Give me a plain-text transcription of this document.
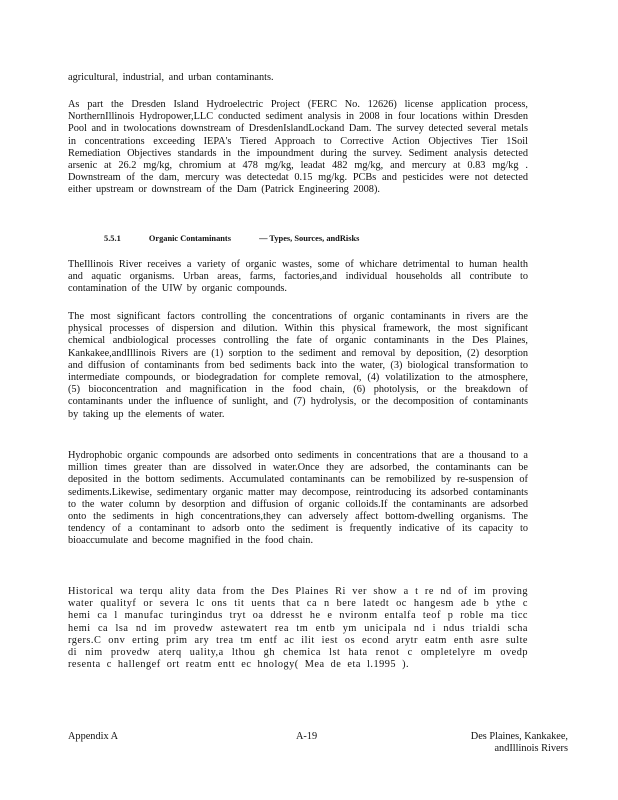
agricultural, industrial, and urban contaminants.

As part the Dresden Island Hydroelectric Project (FERC No. 12626) license application process, NorthernIllinois Hydropower,LLC conducted sediment analysis in 2008 in four locations within Dresden Pool and in twolocations downstream of DresdenIslandLockand Dam. The survey detected several metals in concentrations exceeding IEPA's Tiered Approach to Corrective Action Objectives Tier 1Soil Remediation Objectives standards in the impoundment during the survey. Sediment analysis detected arsenic at 26.2 mg/kg, chromium at 478 mg/kg, leadat 482 mg/kg, and mercury at 0.83 mg/kg . Downstream of the dam, mercury was detectedat 0.15 mg/kg. PCBs and pesticides were not detected either upstream or downstream of the Dam (Patrick Engineering 2008).

5.5.1	Organic Contaminants	— Types, Sources, andRisks

TheIllinois River receives a variety of organic wastes, some of whichare detrimental to human health and aquatic organisms. Urban areas, farms, factories,and individual households all contribute to contamination of the UIW by organic compounds.

The most significant factors controlling the concentrations of organic contaminants in rivers are the physical processes of dispersion and dilution. Within this physical framework, the most significant chemical andbiological processes controlling the fate of organic contaminants in the Des Plaines, Kankakee,andIllinois Rivers are (1) sorption to the sediment and removal by deposition, (2) desorption and diffusion of contaminants from bed sediments back into the water, (3) biological transformation to intermediate compounds, or biodegradation for complete removal, (4) volatilization to the atmosphere, (5) bioconcentration and magnification in the food chain, (6) photolysis, or the breakdown of contaminants under the influence of sunlight, and (7) hydrolysis, or the decomposition of contaminants by taking up the elements of water.

Hydrophobic organic compounds are adsorbed onto sediments in concentrations that are a thousand to a million times greater than are dissolved in water.Once they are adsorbed, the contaminants can be deposited in the bottom sediments. Accumulated contaminants can be remobilized by re-suspension of sediments.Likewise, sedimentary organic matter may decompose, reintroducing its adsorbed contaminants to the water column by desorption and diffusion of organic colloids.If the contaminants are adsorbed onto the sediments in high concentrations,they can adversely affect bottom-dwelling organisms. The tendency of a contaminant to adsorb onto the sediment is frequently indicative of its capacity to bioaccumulate and become magnified in the food chain.

Historical wa terqu ality data from the Des Plaines Ri ver show a t re nd of im proving water qualityf or severa lc ons tit uents that ca n bere latedt oc hangesm ade b ythe c hemi ca l manufac turingindus tryt oa ddresst he e nvironm entalfa teof p roble ma ticc hemi ca lsa nd im provedw astewatert rea tm entb ym unicipala nd i ndus trialdi scha rgers.C onv erting prim ary trea tm entf ac ilit iest os econd arytr eatm enth asre sulte di nim provedw aterq uality,a lthou gh chemica lst hata renot c ompletelyre m ovedp resenta c hallengef ort reatm entt ec hnology( Mea de eta l.1995 ).

Appendix A	A-19	Des Plaines, Kankakee, andIllinois Rivers
